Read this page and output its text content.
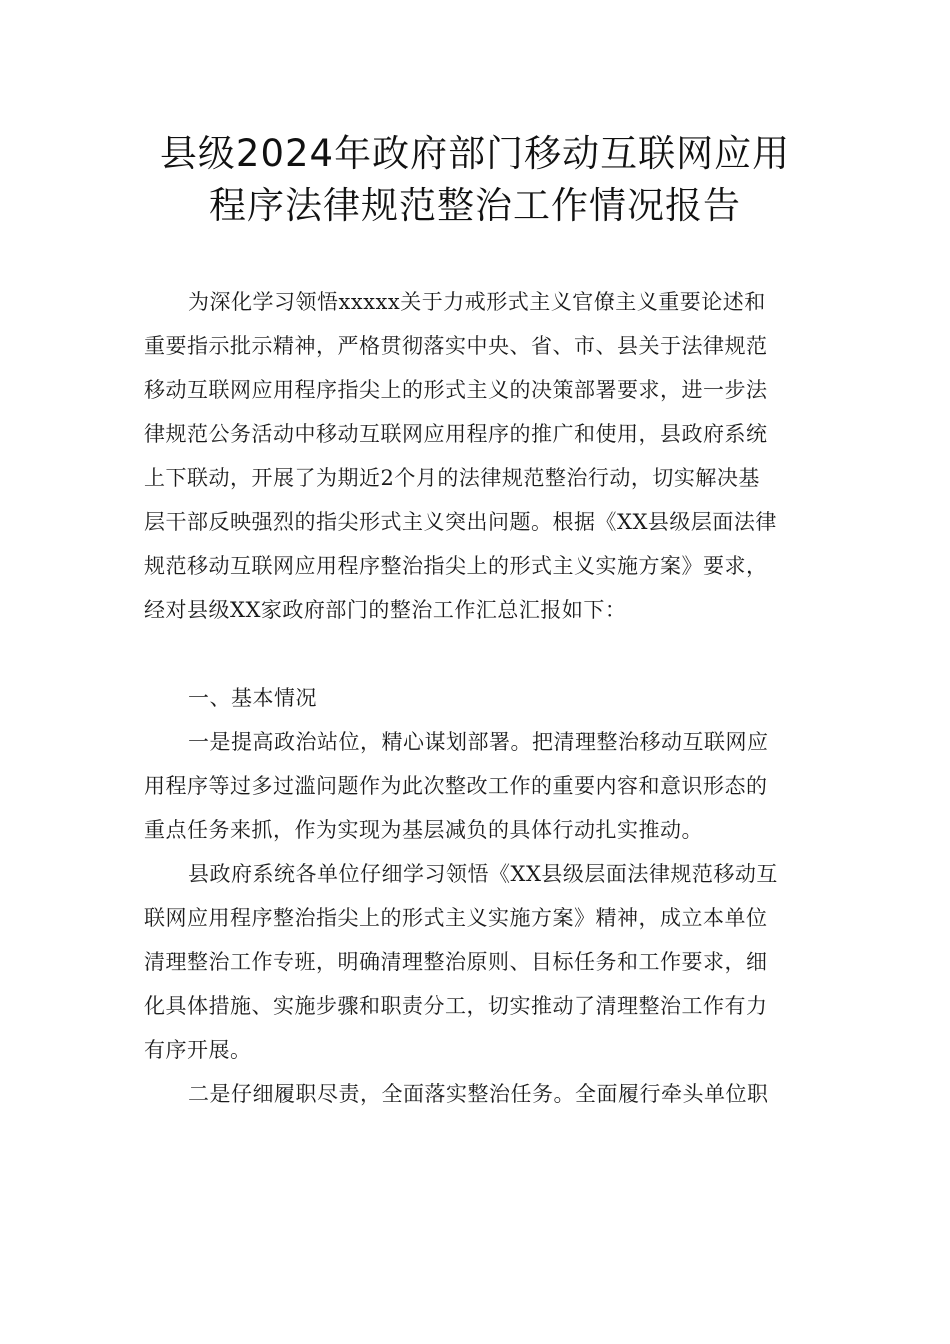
县级2024年政府部门移动互联网应用
程序法律规范整治工作情况报告
为深化学习领悟xxxxx关于力戒形式主义官僚主义重要论述和
重要指示批示精神，严格贯彻落实中央、省、市、县关于法律规范
移动互联网应用程序指尖上的形式主义的决策部署要求，进一步法
律规范公务活动中移动互联网应用程序的推广和使用，县政府系统
上下联动，开展了为期近2个月的法律规范整治行动，切实解决基
层干部反映强烈的指尖形式主义突出问题。根据《XX县级层面法律
规范移动互联网应用程序整治指尖上的形式主义实施方案》要求，
经对县级XX家政府部门的整治工作汇总汇报如下：
一、基本情况
一是提高政治站位，精心谋划部署。把清理整治移动互联网应
用程序等过多过滥问题作为此次整改工作的重要内容和意识形态的
重点任务来抓，作为实现为基层减负的具体行动扎实推动。
县政府系统各单位仔细学习领悟《XX县级层面法律规范移动互
联网应用程序整治指尖上的形式主义实施方案》精神，成立本单位
清理整治工作专班，明确清理整治原则、目标任务和工作要求，细
化具体措施、实施步骤和职责分工，切实推动了清理整治工作有力
有序开展。
二是仔细履职尽责，全面落实整治任务。全面履行牵头单位职
